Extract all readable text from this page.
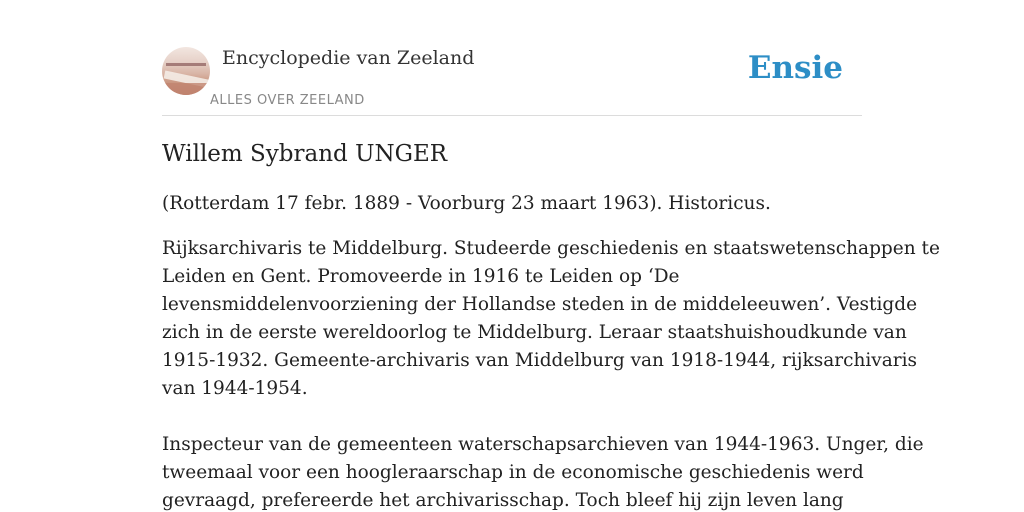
Encyclopedie van Zeeland
ALLES OVER ZEELAND
Ensie
Willem Sybrand UNGER

(Rotterdam 17 febr. 1889 - Voorburg 23 maart 1963). Historicus.

Rijksarchivaris te Middelburg. Studeerde geschiedenis en staatswetenschappen te
Leiden en Gent. Promoveerde in 1916 te Leiden op ‘De
levensmiddelenvoorziening der Hollandse steden in de middeleeuwen’. Vestigde
zich in de eerste wereldoorlog te Middelburg. Leraar staatshuishoudkunde van
1915-1932. Gemeente-archivaris van Middelburg van 1918-1944, rijksarchivaris
van 1944-1954.

Inspecteur van de gemeenteen waterschapsarchieven van 1944-1963. Unger, die
tweemaal voor een hoogleraarschap in de economische geschiedenis werd
gevraagd, prefereerde het archivarisschap. Toch bleef hij zijn leven lang
